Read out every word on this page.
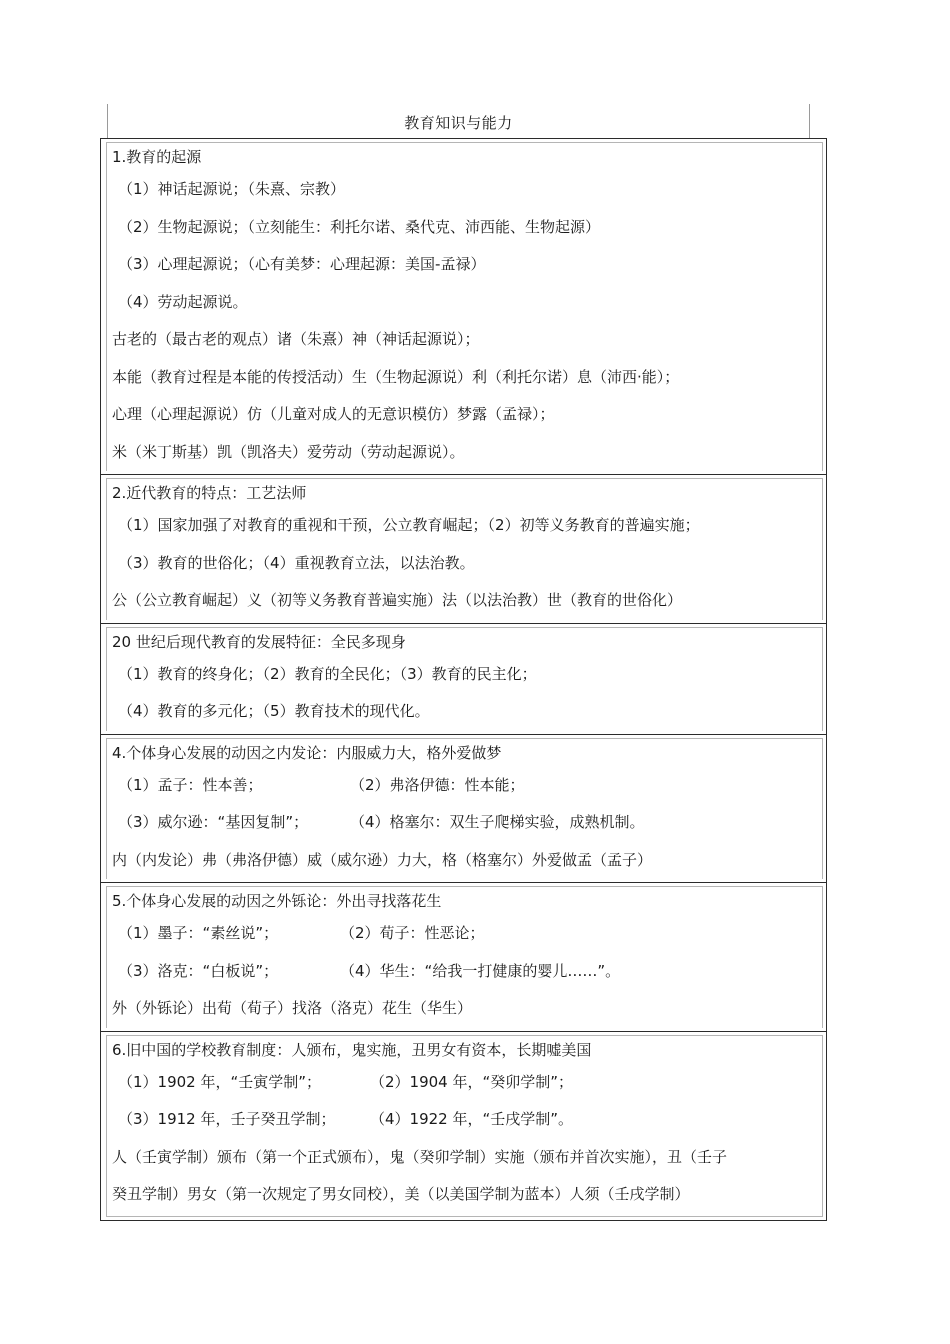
教育知识与能力
1.教育的起源
（1）神话起源说；（朱熹、宗教）
（2）生物起源说；（立刻能生：利托尔诺、桑代克、沛西能、生物起源）
（3）心理起源说；（心有美梦：心理起源：美国-孟禄）
（4）劳动起源说。
古老的（最古老的观点）诸（朱熹）神（神话起源说）；
本能（教育过程是本能的传授活动）生（生物起源说）利（利托尔诺）息（沛西·能）；
心理（心理起源说）仿（儿童对成人的无意识模仿）梦露（孟禄）；
米（米丁斯基）凯（凯洛夫）爱劳动（劳动起源说）。
2.近代教育的特点：工艺法师
（1）国家加强了对教育的重视和干预，公立教育崛起；（2）初等义务教育的普遍实施；
（3）教育的世俗化；（4）重视教育立法，以法治教。
公（公立教育崛起）义（初等义务教育普遍实施）法（以法治教）世（教育的世俗化）
20 世纪后现代教育的发展特征：全民多现身
（1）教育的终身化；（2）教育的全民化；（3）教育的民主化；
（4）教育的多元化；（5）教育技术的现代化。
4.个体身心发展的动因之内发论：内服威力大，格外爱做梦
（1）孟子：性本善；	（2）弗洛伊德：性本能；
（3）威尔逊：“基因复制”；	（4）格塞尔：双生子爬梯实验，成熟机制。
内（内发论）弗（弗洛伊德）威（威尔逊）力大，格（格塞尔）外爱做孟（孟子）
5.个体身心发展的动因之外铄论：外出寻找落花生
（1）墨子：“素丝说”；	（2）荀子：性恶论；
（3）洛克：“白板说”；	（4）华生：“给我一打健康的婴儿……”。
外（外铄论）出荀（荀子）找洛（洛克）花生（华生）
6.旧中国的学校教育制度：人颁布，鬼实施，丑男女有资本，长期嘘美国
（1）1902 年，“壬寅学制”；	（2）1904 年，“癸卯学制”；
（3）1912 年，壬子癸丑学制； （4）1922 年，“壬戌学制”。
人（壬寅学制）颁布（第一个正式颁布），鬼（癸卯学制）实施（颁布并首次实施），丑（壬子
癸丑学制）男女（第一次规定了男女同校），美（以美国学制为蓝本）人须（壬戌学制）
